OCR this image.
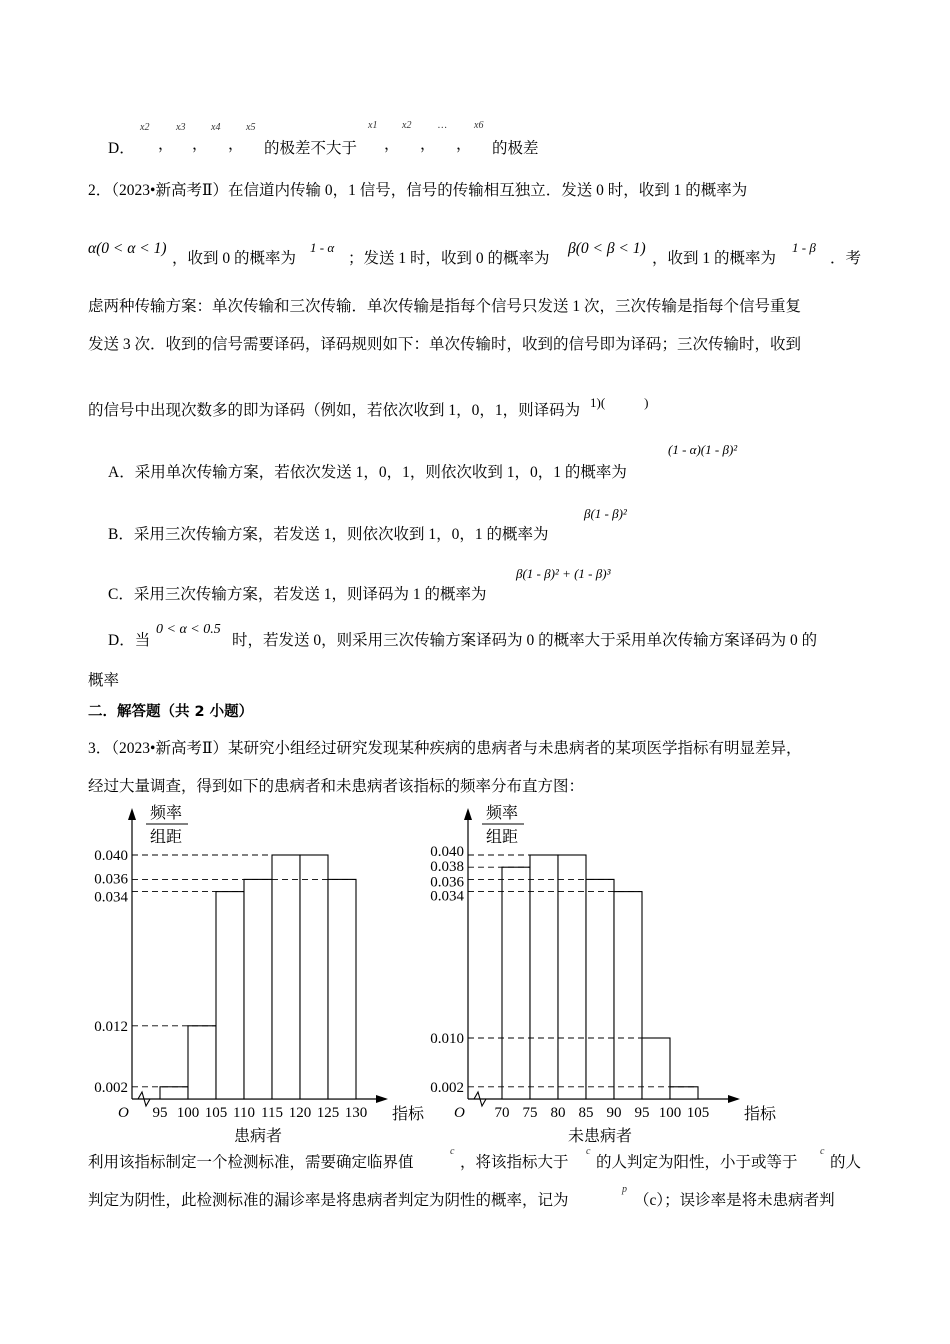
D．
x2
，
x3
，
x4
，
x5
的极差不大于
x1
，
x2
，
…
，
x6
的极差
2．（2023•新高考Ⅱ）在信道内传输 0，1 信号，信号的传输相互独立．发送 0 时，收到 1 的概率为
α(0 < α < 1)
，收到 0 的概率为
1 - α
；发送 1 时，收到 0 的概率为
β(0 < β < 1)
，收到 1 的概率为
1 - β
．考
虑两种传输方案：单次传输和三次传输．单次传输是指每个信号只发送 1 次，三次传输是指每个信号重复
发送 3 次．收到的信号需要译码，译码规则如下：单次传输时，收到的信号即为译码；三次传输时，收到
的信号中出现次数多的即为译码（例如，若依次收到 1，0，1，则译码为 1)(　　　)
A．采用单次传输方案，若依次发送 1，0，1，则依次收到 1，0，1 的概率为
(1 - α)(1 - β)²
B．采用三次传输方案，若发送 1，则依次收到 1，0，1 的概率为
β(1 - β)²
C．采用三次传输方案，若发送 1，则译码为 1 的概率为
β(1 - β)² + (1 - β)³
D．当
0 < α < 0.5
时，若发送 0，则采用三次传输方案译码为 0 的概率大于采用单次传输方案译码为 0 的
概率
二．解答题（共 2 小题）
3．（2023•新高考Ⅱ）某研究小组经过研究发现某种疾病的患病者与未患病者的某项医学指标有明显差异，
经过大量调查，得到如下的患病者和未患病者该指标的频率分布直方图：
频率
组距
O
0.002
0.012
0.034
0.036
0.040
95 100 105 110 115 120 125 130 指标
患病者
频率
组距
O
0.002
0.010
0.034
0.036
0.038
0.040
70 75 80 85 90 95 100 105 指标
未患病者
利用该指标制定一个检测标准，需要确定临界值
c
，将该指标大于
c
的人判定为阳性，小于或等于
c
的人
判定为阴性，此检测标准的漏诊率是将患病者判定为阴性的概率，记为
p
（c）；误诊率是将未患病者判
